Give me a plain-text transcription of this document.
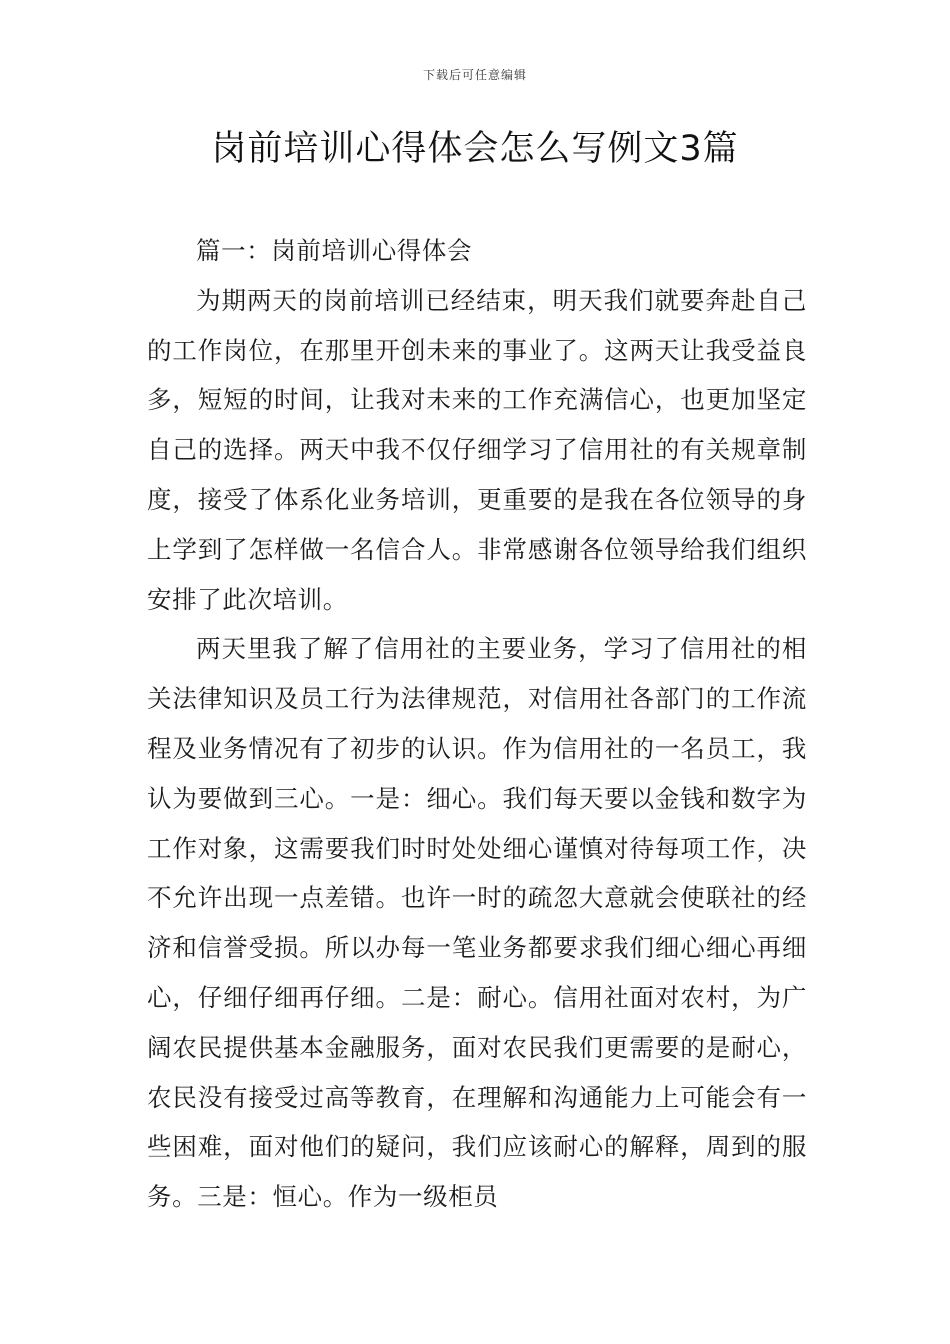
下载后可任意编辑
岗前培训心得体会怎么写例文3篇

篇一：岗前培训心得体会

为期两天的岗前培训已经结束，明天我们就要奔赴自己的工作岗位，在那里开创未来的事业了。这两天让我受益良多，短短的时间，让我对未来的工作充满信心，也更加坚定自己的选择。两天中我不仅仔细学习了信用社的有关规章制度，接受了体系化业务培训，更重要的是我在各位领导的身上学到了怎样做一名信合人。非常感谢各位领导给我们组织安排了此次培训。

两天里我了解了信用社的主要业务，学习了信用社的相关法律知识及员工行为法律规范，对信用社各部门的工作流程及业务情况有了初步的认识。作为信用社的一名员工，我认为要做到三心。一是：细心。我们每天要以金钱和数字为工作对象，这需要我们时时处处细心谨慎对待每项工作，决不允许出现一点差错。也许一时的疏忽大意就会使联社的经济和信誉受损。所以办每一笔业务都要求我们细心细心再细心，仔细仔细再仔细。二是：耐心。信用社面对农村，为广阔农民提供基本金融服务，面对农民我们更需要的是耐心，农民没有接受过高等教育，在理解和沟通能力上可能会有一些困难，面对他们的疑问，我们应该耐心的解释，周到的服务。三是：恒心。作为一级柜员
